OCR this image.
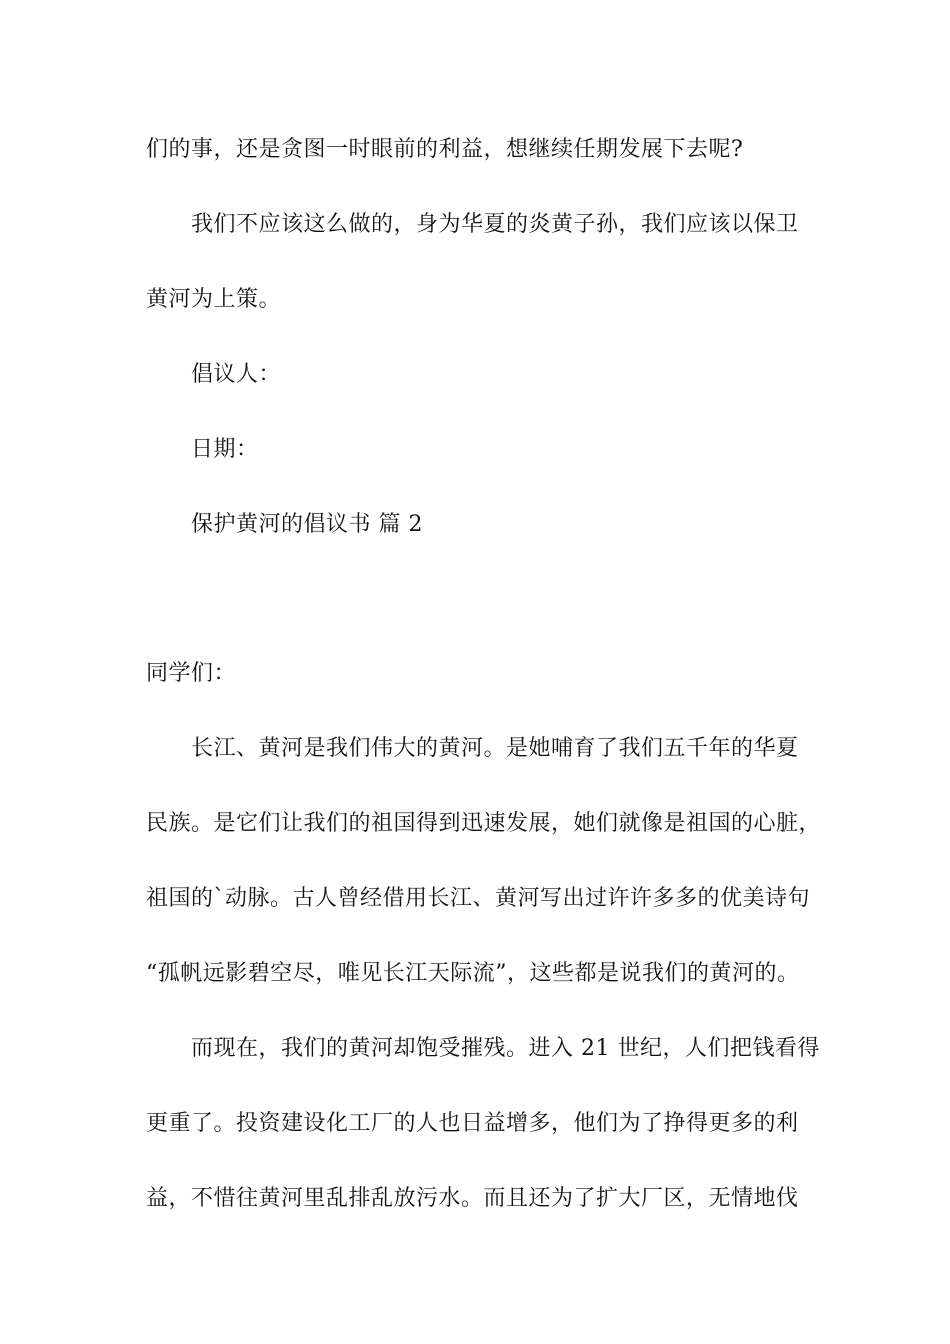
们的事，还是贪图一时眼前的利益，想继续任期发展下去呢?
我们不应该这么做的，身为华夏的炎黄子孙，我们应该以保卫
黄河为上策。
倡议人：
日期：
保护黄河的倡议书 篇 2
同学们：
长江、黄河是我们伟大的黄河。是她哺育了我们五千年的华夏
民族。是它们让我们的祖国得到迅速发展，她们就像是祖国的心脏，
祖国的`动脉。古人曾经借用长江、黄河写出过许许多多的优美诗句
“孤帆远影碧空尽，唯见长江天际流”，这些都是说我们的黄河的。
而现在，我们的黄河却饱受摧残。进入 21 世纪，人们把钱看得
更重了。投资建设化工厂的人也日益增多，他们为了挣得更多的利
益，不惜往黄河里乱排乱放污水。而且还为了扩大厂区，无情地伐
